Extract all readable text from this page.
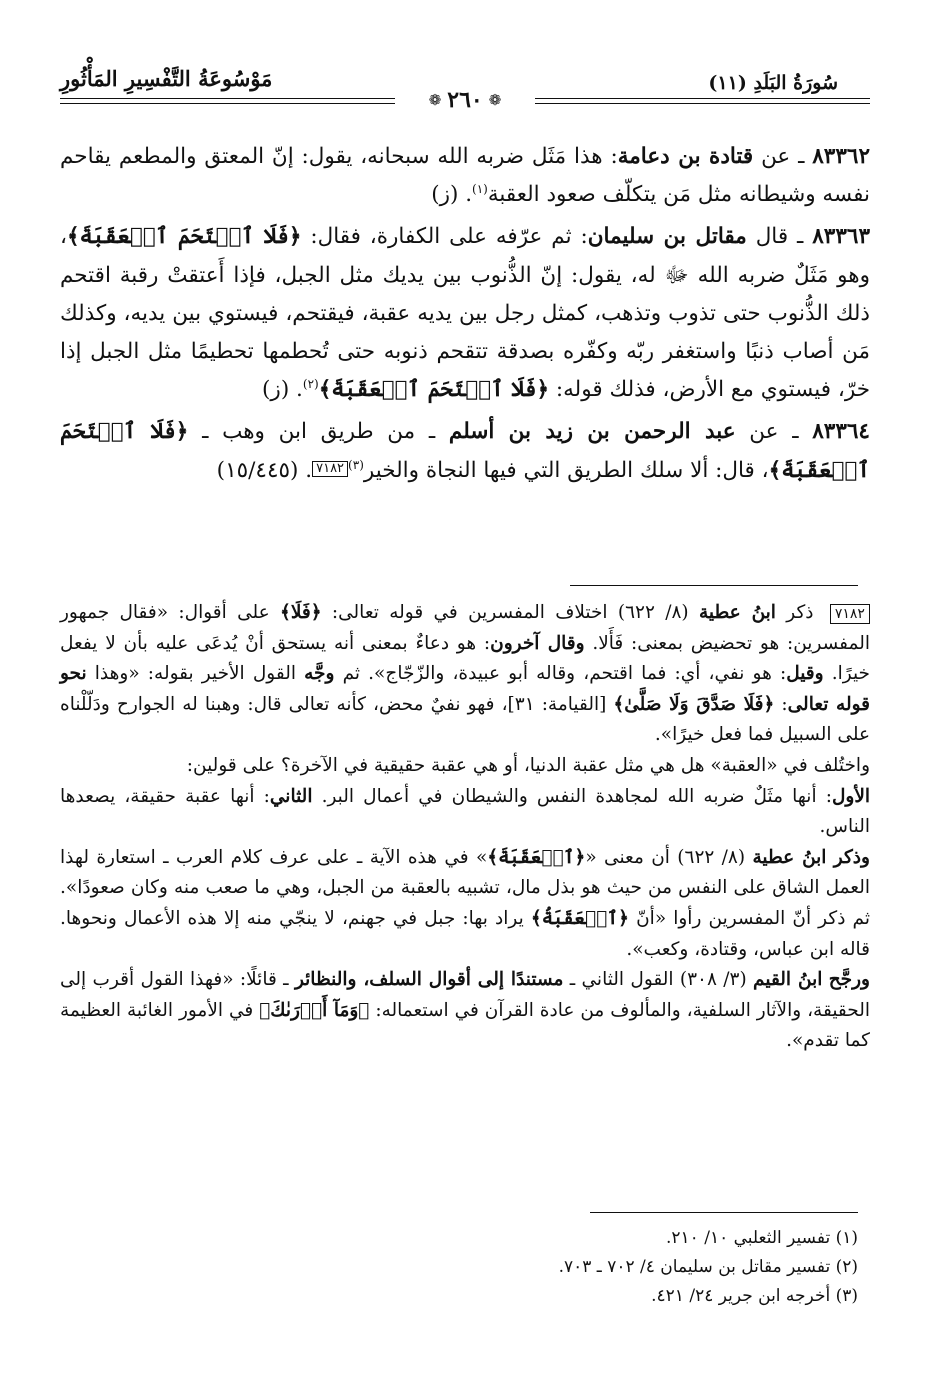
مَوْسُوعَةُ التَّفْسِيرِ المَأْثُورِ	سُورَةُ البَلَدِ (١١)
❁
٢٦٠
❁

٨٣٣٦٢ ـ عن قتادة بن دعامة: هذا مَثَل ضربه الله سبحانه، يقول: إنّ المعتق والمطعم يقاحم نفسه وشيطانه مثل مَن يتكلّف صعود العقبة$^{(١)}$. (ز)

٨٣٣٦٣ ـ قال مقاتل بن سليمان: ثم عرّفه على الكفارة، فقال: ﴿فَلَا ٱقۡتَحَمَ ٱلۡعَقَبَةَ﴾، وهو مَثَلٌ ضربه الله ﷻ له، يقول: إنّ الذُّنوب بين يديك مثل الجبل، فإذا أَعتقتْ رقبة اقتحم ذلك الذُّنوب حتى تذوب وتذهب، كمثل رجل بين يديه عقبة، فيقتحم، فيستوي بين يديه، وكذلك مَن أصاب ذنبًا واستغفر ربّه وكفّره بصدقة تتقحم ذنوبه حتى تُحطمها تحطيمًا مثل الجبل إذا خرّ، فيستوي مع الأرض، فذلك قوله: ﴿فَلَا ٱقۡتَحَمَ ٱلۡعَقَبَةَ﴾$^{(٢)}$. (ز)

٨٣٣٦٤ ـ عن عبد الرحمن بن زيد بن أسلم ـ من طريق ابن وهب ـ ﴿فَلَا ٱقۡتَحَمَ ٱلۡعَقَبَةَ﴾، قال: ألا سلك الطريق التي فيها النجاة والخير$^{(٣)}$٧١٨٢. (١٥/٤٤٥)

٧١٨٢ ذكر ابنُ عطية (٨/ ٦٢٢) اختلاف المفسرين في قوله تعالى: ﴿فَلَا﴾ على أقوال: «فقال جمهور المفسرين: هو تحضيض بمعنى: فَأَلا. وقال آخرون: هو دعاءٌ بمعنى أنه يستحق أنْ يُدعَى عليه بأن لا يفعل خيرًا. وقيل: هو نفي، أي: فما اقتحم، وقاله أبو عبيدة، والزّجّاج». ثم وجَّه القول الأخير بقوله: «وهذا نحو قوله تعالى: ﴿فَلَا صَدَّقَ وَلَا صَلَّىٰ﴾ [القيامة: ٣١]، فهو نفيٌ محض، كأنه تعالى قال: وهبنا له الجوارح ودَلّلْناه على السبيل فما فعل خيرًا».

واختُلف في «العقبة» هل هي مثل عقبة الدنيا، أو هي عقبة حقيقية في الآخرة؟ على قولين:

الأول: أنها مثَلٌ ضربه الله لمجاهدة النفس والشيطان في أعمال البر. الثاني: أنها عقبة حقيقة، يصعدها الناس.

وذكر ابنُ عطية (٨/ ٦٢٢) أن معنى «﴿ٱلۡعَقَبَةَ﴾» في هذه الآية ـ على عرف كلام العرب ـ استعارة لهذا العمل الشاق على النفس من حيث هو بذل مال، تشبيه بالعقبة من الجبل، وهي ما صعب منه وكان صعودًا». ثم ذكر أنّ المفسرين رأوا «أنّ ﴿ٱلۡعَقَبَةُ﴾ يراد بها: جبل في جهنم، لا ينجّي منه إلا هذه الأعمال ونحوها. قاله ابن عباس، وقتادة، وكعب».

ورجَّح ابنُ القيم (٣/ ٣٠٨) القول الثاني ـ مستندًا إلى أقوال السلف، والنظائر ـ قائلًا: «فهذا القول أقرب إلى الحقيقة، والآثار السلفية، والمألوف من عادة القرآن في استعماله: ﴿وَمَآ أَدۡرَىٰكَ﴾ في الأمور الغائبة العظيمة كما تقدم».

(١) تفسير الثعلبي ١٠/ ٢١٠.
(٢) تفسير مقاتل بن سليمان ٤/ ٧٠٢ ـ ٧٠٣.
(٣) أخرجه ابن جرير ٢٤/ ٤٢١.
